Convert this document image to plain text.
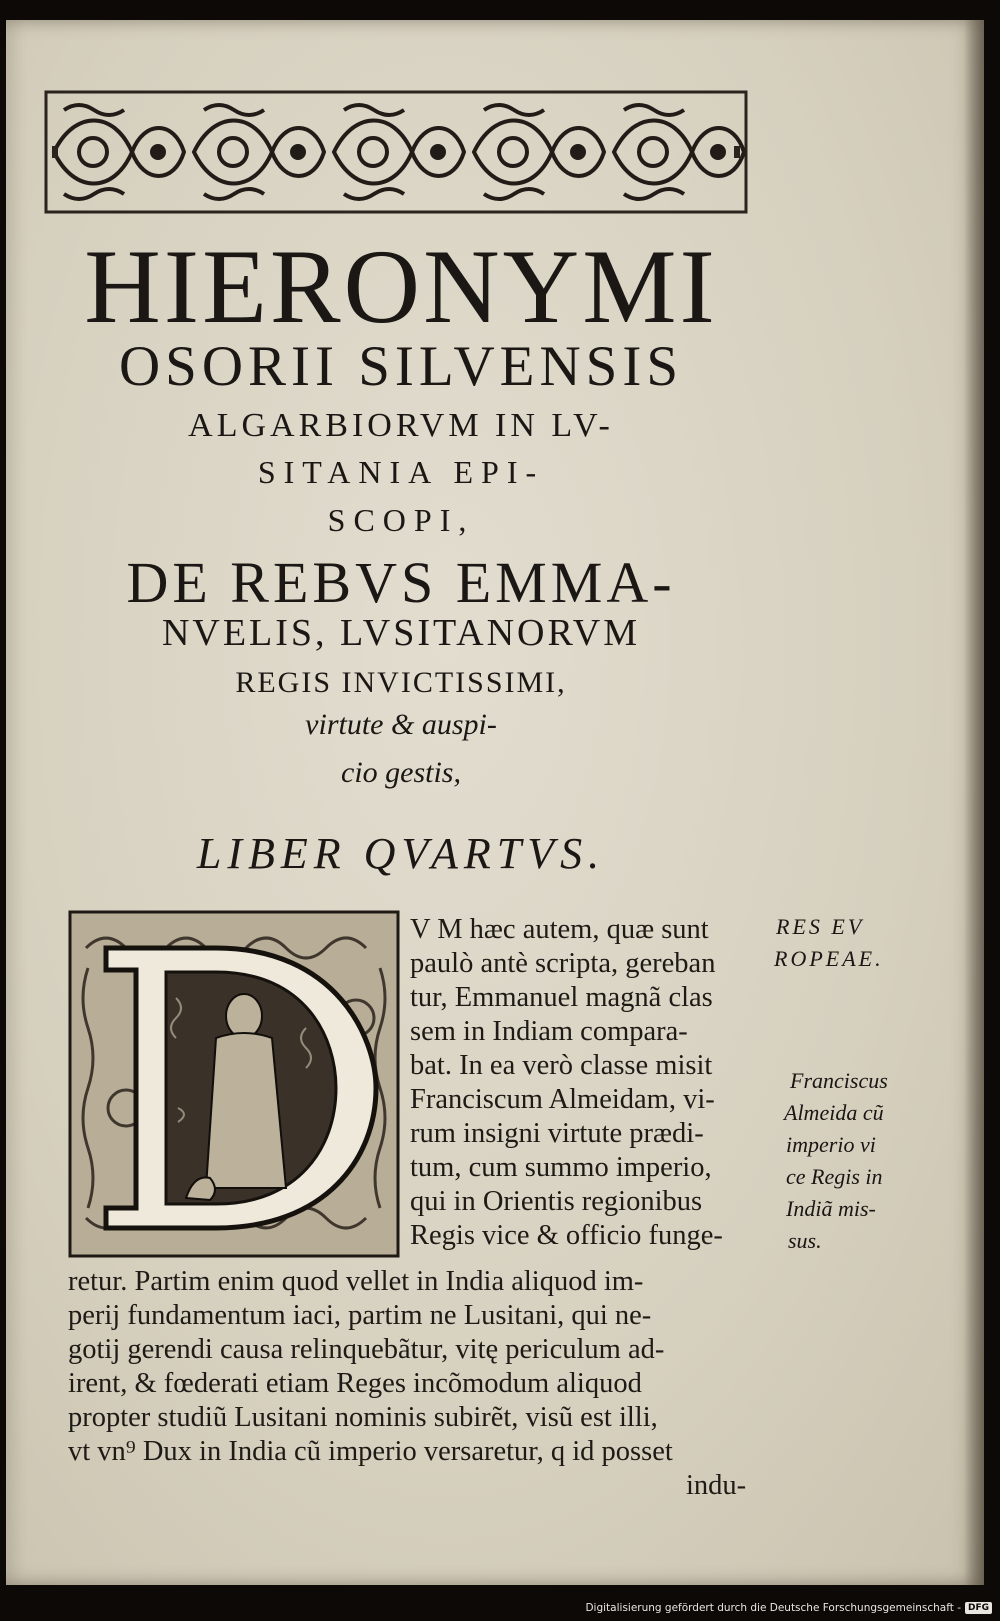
HIERONYMI

OSORII SILVENSIS

ALGARBIORVM IN LV-

SITANIA EPI-

SCOPI,

DE REBVS EMMA-

NVELIS, LVSITANORVM

REGIS INVICTISSIMI,

virtute & auspi-

cio gestis,

LIBER QVARTVS.

V M hæc autem, quæ sunt

paulò antè scripta, gereban

tur, Emmanuel magnã clas

sem in Indiam compara-

bat. In ea verò classe misit

Franciscum Almeidam, vi-

rum insigni virtute prædi-

tum, cum summo imperio,

qui in Orientis regionibus

Regis vice & officio funge-

retur. Partim enim quod vellet in India aliquod im-

perij fundamentum iaci, partim ne Lusitani, qui ne-

gotij gerendi causa relinquebãtur, vitę periculum ad-

irent, & fœderati etiam Reges incõmodum aliquod

propter studiũ Lusitani nominis subirẽt, visũ est illi,

vt vn⁹ Dux in India cũ imperio versaretur, q id posset

indu-

RES EV

ROPEAE.

Franciscus

Almeida cũ

imperio vi

ce Regis in

Indiã mis-

sus.

Digitalisierung gefördert durch die Deutsche Forschungsgemeinschaft - DFG
